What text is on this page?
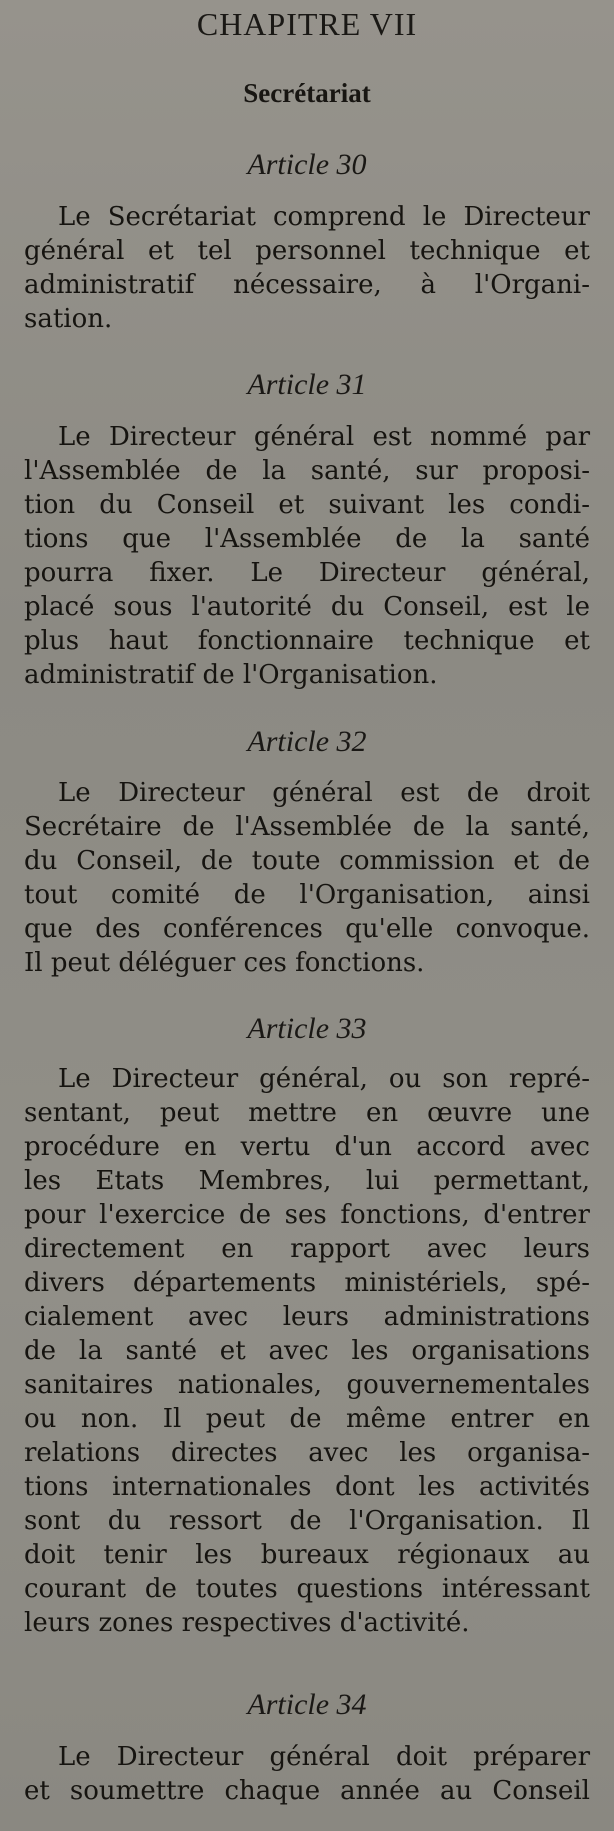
CHAPITRE VII
Secrétariat
Article 30
Le Secrétariat comprend le Directeur
général et tel personnel technique et
administratif nécessaire, à l'Organi-
sation.
Article 31
Le Directeur général est nommé par
l'Assemblée de la santé, sur proposi-
tion du Conseil et suivant les condi-
tions que l'Assemblée de la santé
pourra fixer. Le Directeur général,
placé sous l'autorité du Conseil, est le
plus haut fonctionnaire technique et
administratif de l'Organisation.
Article 32
Le Directeur général est de droit
Secrétaire de l'Assemblée de la santé,
du Conseil, de toute commission et de
tout comité de l'Organisation, ainsi
que des conférences qu'elle convoque.
Il peut déléguer ces fonctions.
Article 33
Le Directeur général, ou son repré-
sentant, peut mettre en œuvre une
procédure en vertu d'un accord avec
les Etats Membres, lui permettant,
pour l'exercice de ses fonctions, d'entrer
directement en rapport avec leurs
divers départements ministériels, spé-
cialement avec leurs administrations
de la santé et avec les organisations
sanitaires nationales, gouvernementales
ou non. Il peut de même entrer en
relations directes avec les organisa-
tions internationales dont les activités
sont du ressort de l'Organisation. Il
doit tenir les bureaux régionaux au
courant de toutes questions intéressant
leurs zones respectives d'activité.
Article 34
Le Directeur général doit préparer
et soumettre chaque année au Conseil
